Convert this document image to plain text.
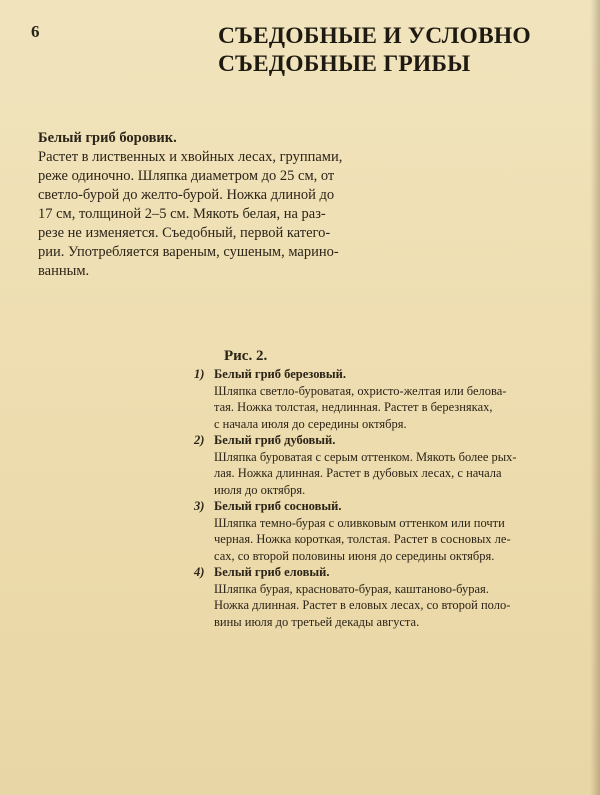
6	СЪЕДОБНЫЕ И УСЛОВНО
СЪЕДОБНЫЕ ГРИБЫ
Белый гриб боровик.
Растет в лиственных и хвойных лесах, группами,
реже одиночно. Шляпка диаметром до 25 см, от
светло-бурой до желто-бурой. Ножка длиной до
17 см, толщиной 2–5 см. Мякоть белая, на раз-
резе не изменяется. Съедобный, первой катего-
рии. Употребляется вареным, сушеным, марино-
ванным.
Рис. 2.
1) Белый гриб березовый.
Шляпка светло-буроватая, охристо-желтая или белова-
тая. Ножка толстая, недлинная. Растет в березняках,
с начала июля до середины октября.
2) Белый гриб дубовый.
Шляпка буроватая с серым оттенком. Мякоть более рых-
лая. Ножка длинная. Растет в дубовых лесах, с начала
июля до октября.
3) Белый гриб сосновый.
Шляпка темно-бурая с оливковым оттенком или почти
черная. Ножка короткая, толстая. Растет в сосновых ле-
сах, со второй половины июня до середины октября.
4) Белый гриб еловый.
Шляпка бурая, красновато-бурая, каштаново-бурая.
Ножка длинная. Растет в еловых лесах, со второй поло-
вины июля до третьей декады августа.
